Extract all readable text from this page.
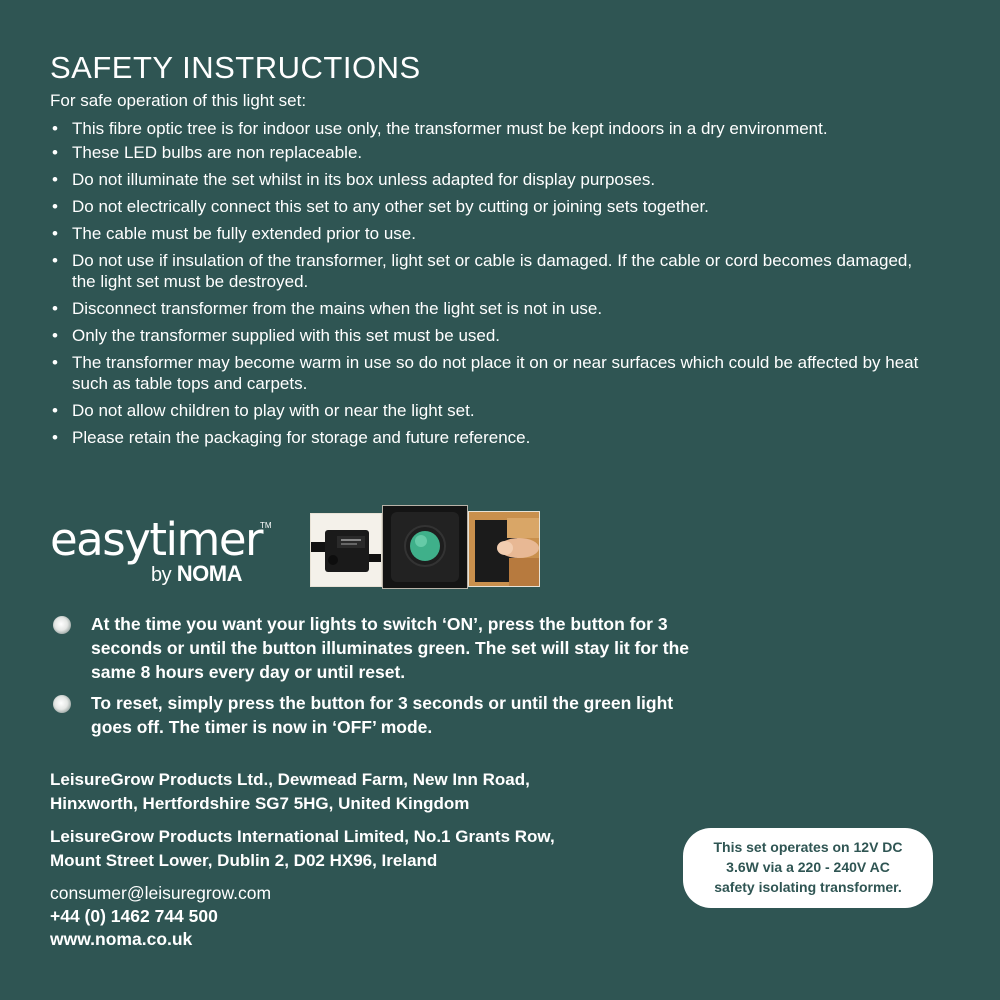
SAFETY INSTRUCTIONS

For safe operation of this light set:

• This fibre optic tree is for indoor use only, the transformer must be kept indoors in a dry environment.
• These LED bulbs are non replaceable.
• Do not illuminate the set whilst in its box unless adapted for display purposes.
• Do not electrically connect this set to any other set by cutting or joining sets together.
• The cable must be fully extended prior to use.
• Do not use if insulation of the transformer, light set or cable is damaged. If the cable or cord becomes damaged, the light set must be destroyed.
• Disconnect transformer from the mains when the light set is not in use.
• Only the transformer supplied with this set must be used.
• The transformer may become warm in use so do not place it on or near surfaces which could be affected by heat such as table tops and carpets.
• Do not allow children to play with or near the light set.
• Please retain the packaging for storage and future reference.
easytimer
TM
by NOMA
At the time you want your lights to switch ‘ON’, press the button for 3 seconds or until the button illuminates green. The set will stay lit for the same 8 hours every day or until reset.
To reset, simply press the button for 3 seconds or until the green light goes off. The timer is now in ‘OFF’ mode.

LeisureGrow Products Ltd., Dewmead Farm, New Inn Road,
Hinxworth, Hertfordshire SG7 5HG, United Kingdom

LeisureGrow Products International Limited, No.1 Grants Row,
Mount Street Lower, Dublin 2, D02 HX96, Ireland

consumer@leisuregrow.com
+44 (0) 1462 744 500
www.noma.co.uk

This set operates on 12V DC
3.6W via a 220 - 240V AC
safety isolating transformer.
